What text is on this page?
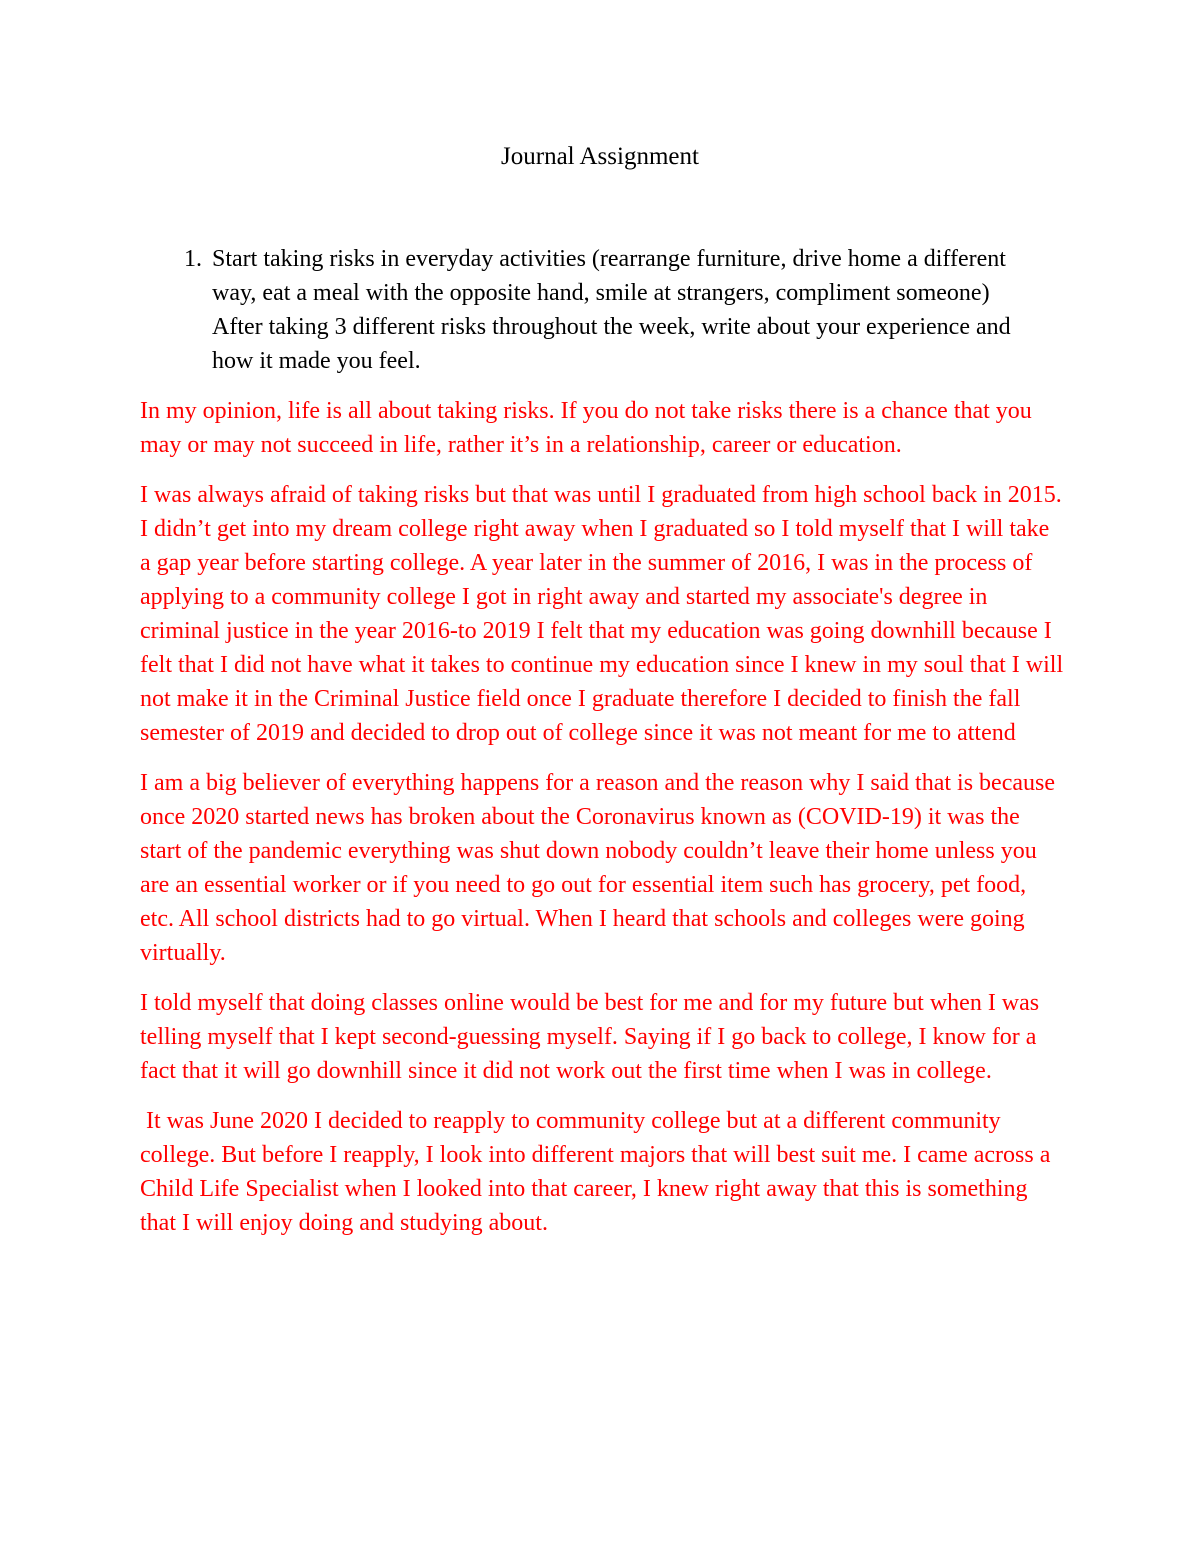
Journal Assignment
1. Start taking risks in everyday activities (rearrange furniture, drive home a different way, eat a meal with the opposite hand, smile at strangers, compliment someone) After taking 3 different risks throughout the week, write about your experience and how it made you feel.

In my opinion, life is all about taking risks. If you do not take risks there is a chance that you may or may not succeed in life, rather it’s in a relationship, career or education.

I was always afraid of taking risks but that was until I graduated from high school back in 2015. I didn’t get into my dream college right away when I graduated so I told myself that I will take a gap year before starting college. A year later in the summer of 2016, I was in the process of applying to a community college I got in right away and started my associate's degree in criminal justice in the year 2016-to 2019 I felt that my education was going downhill because I felt that I did not have what it takes to continue my education since I knew in my soul that I will not make it in the Criminal Justice field once I graduate therefore I decided to finish the fall semester of 2019 and decided to drop out of college since it was not meant for me to attend

I am a big believer of everything happens for a reason and the reason why I said that is because once 2020 started news has broken about the Coronavirus known as (COVID-19) it was the start of the pandemic everything was shut down nobody couldn’t leave their home unless you are an essential worker or if you need to go out for essential item such has grocery, pet food, etc. All school districts had to go virtual. When I heard that schools and colleges were going virtually.

I told myself that doing classes online would be best for me and for my future but when I was telling myself that I kept second-guessing myself. Saying if I go back to college, I know for a fact that it will go downhill since it did not work out the first time when I was in college.

It was June 2020 I decided to reapply to community college but at a different community college. But before I reapply, I look into different majors that will best suit me. I came across a Child Life Specialist when I looked into that career, I knew right away that this is something that I will enjoy doing and studying about.
